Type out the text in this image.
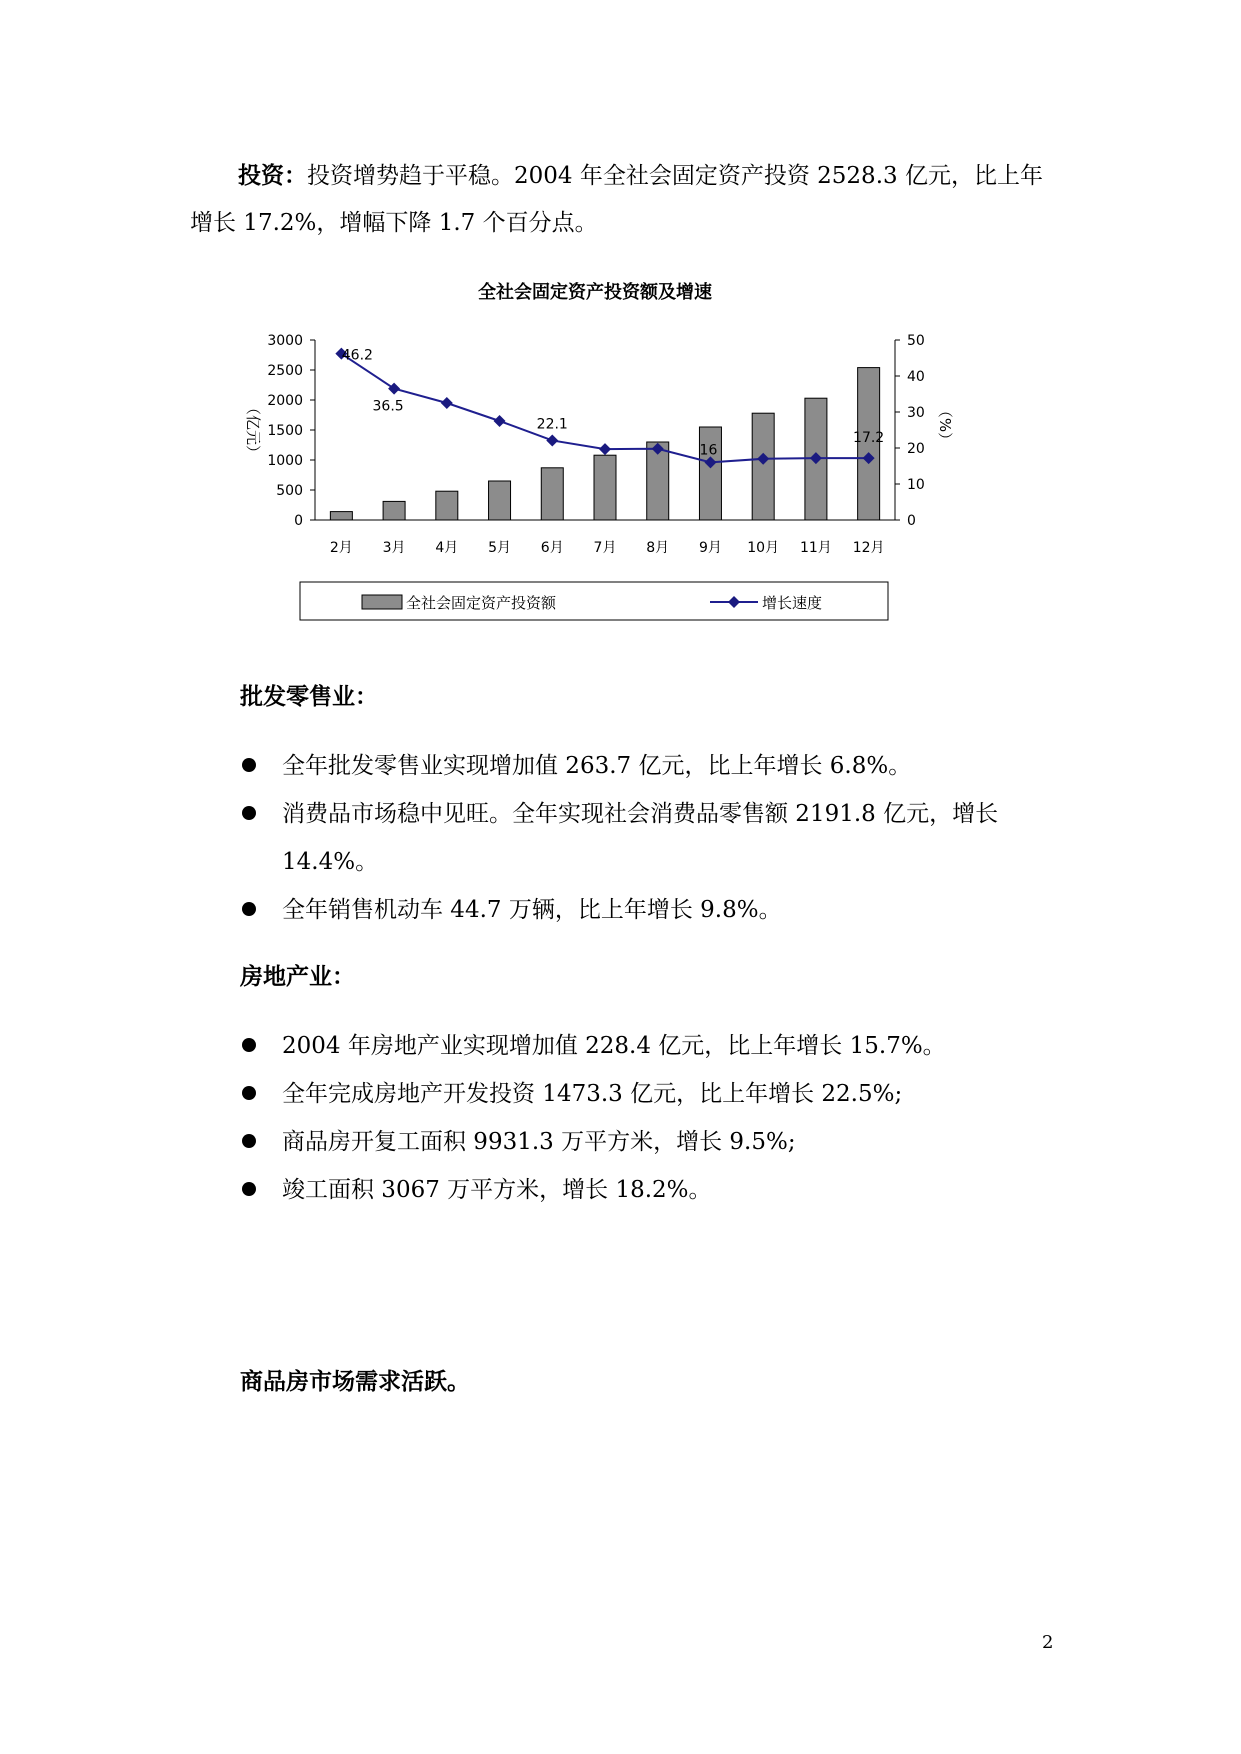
投资：投资增势趋于平稳。2004 年全社会固定资产投资 2528.3 亿元，比上年增长 17.2%，增幅下降 1.7 个百分点。
全社会固定资产投资额及增速
0
500
1000
1500
2000
2500
3000
0
10
20
30
40
50
（亿元）	（%）
2月 3月 4月 5月 6月 7月 8月 9月 10月 11月 12月
46.2
36.5
22.1
16
17.2
全社会固定资产投资额	增长速度
批发零售业：
全年批发零售业实现增加值 263.7 亿元，比上年增长 6.8%。
消费品市场稳中见旺。全年实现社会消费品零售额 2191.8 亿元，增长 14.4%。
全年销售机动车 44.7 万辆，比上年增长 9.8%。
房地产业：
2004 年房地产业实现增加值 228.4 亿元，比上年增长 15.7%。
全年完成房地产开发投资 1473.3 亿元，比上年增长 22.5%;
商品房开复工面积 9931.3 万平方米，增长 9.5%;
竣工面积 3067 万平方米，增长 18.2%。
商品房市场需求活跃。
2
